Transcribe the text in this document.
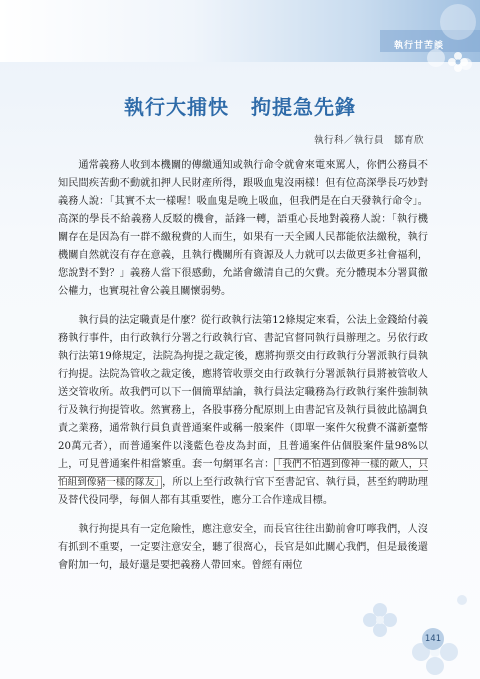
執行甘苦談
執行大捕快 拘提急先鋒
執行科／執行員 鄒育欣

通常義務人收到本機關的傳繳通知或執行命令就會來電來罵人，你們公務員不知民間疾苦動不動就扣押人民財產所得，跟吸血鬼沒兩樣！但有位高深學長巧妙對義務人說：「其實不太一樣喔！吸血鬼是晚上吸血，但我們是在白天發執行命令」。高深的學長不給義務人反駁的機會，話鋒一轉，語重心長地對義務人說：「執行機關存在是因為有一群不繳稅費的人而生，如果有一天全國人民都能依法繳稅，執行機關自然就沒有存在意義，且執行機關所有資源及人力就可以去做更多社會福利，您說對不對？」義務人當下很感動，允諾會繳清自己的欠費。充分體現本分署貫徹公權力，也實現社會公義且關懷弱勢。

執行員的法定職責是什麼？從行政執行法第12條規定來看，公法上金錢給付義務執行事件，由行政執行分署之行政執行官、書記官督同執行員辦理之。另依行政執行法第19條規定，法院為拘提之裁定後，應將拘票交由行政執行分署派執行員執行拘提。法院為管收之裁定後，應將管收票交由行政執行分署派執行員將被管收人送交管收所。故我們可以下一個簡單結論，執行員法定職務為行政執行案件強制執行及執行拘提管收。然實務上，各股事務分配原則上由書記官及執行員彼此協調負責之業務，通常執行員負責普通案件或稱一般案件（即單一案件欠稅費不滿新臺幣20萬元者），而普通案件以淺藍色卷皮為封面，且普通案件佔個股案件量98%以上，可見普通案件相當繁重。套一句網軍名言： 「我們不怕遇到像神一樣的敵人，只怕組到像豬一樣的隊友」 ，所以上至行政執行官下至書記官、執行員，甚至約聘助理及替代役同學，每個人都有其重要性，應分工合作達成目標。

執行拘提具有一定危險性，應注意安全，而長官往往出勤前會叮嚀我們，人沒有抓到不重要，一定要注意安全，聽了很窩心，長官是如此關心我們，但是最後還會附加一句，最好還是要把義務人帶回來。曾經有兩位

141
